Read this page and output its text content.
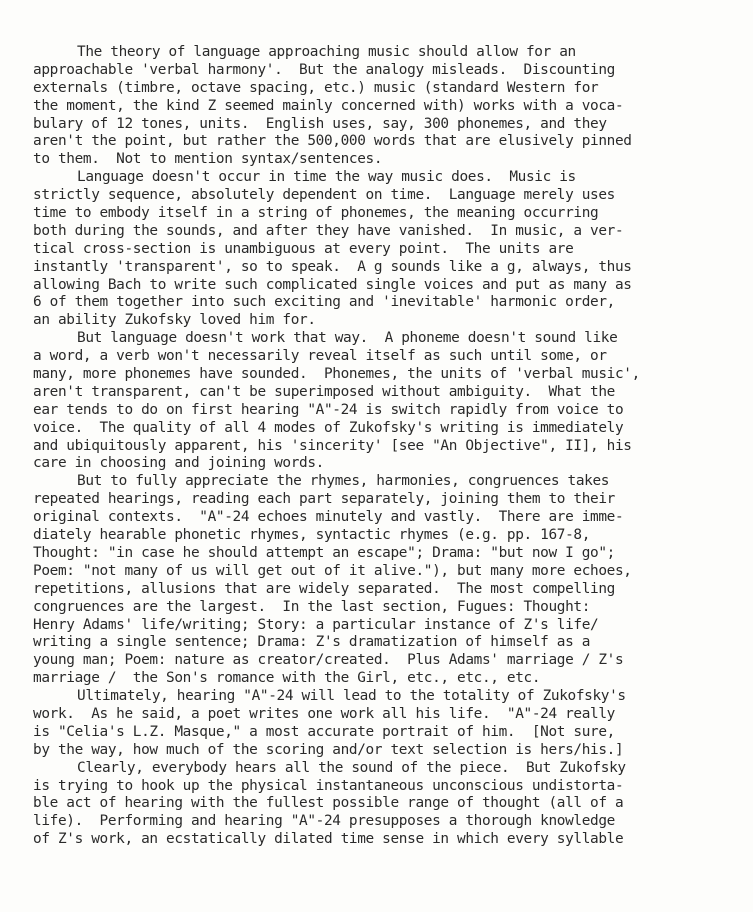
The theory of language approaching music should allow for an
approachable 'verbal harmony'.  But the analogy misleads.  Discounting
externals (timbre, octave spacing, etc.) music (standard Western for
the moment, the kind Z seemed mainly concerned with) works with a voca-
bulary of 12 tones, units.  English uses, say, 300 phonemes, and they
aren't the point, but rather the 500,000 words that are elusively pinned
to them.  Not to mention syntax/sentences.
Language doesn't occur in time the way music does.  Music is
strictly sequence, absolutely dependent on time.  Language merely uses
time to embody itself in a string of phonemes, the meaning occurring
both during the sounds, and after they have vanished.  In music, a ver-
tical cross-section is unambiguous at every point.  The units are
instantly 'transparent', so to speak.  A g sounds like a g, always, thus
allowing Bach to write such complicated single voices and put as many as
6 of them together into such exciting and 'inevitable' harmonic order,
an ability Zukofsky loved him for.
But language doesn't work that way.  A phoneme doesn't sound like
a word, a verb won't necessarily reveal itself as such until some, or
many, more phonemes have sounded.  Phonemes, the units of 'verbal music',
aren't transparent, can't be superimposed without ambiguity.  What the
ear tends to do on first hearing "A"-24 is switch rapidly from voice to
voice.  The quality of all 4 modes of Zukofsky's writing is immediately
and ubiquitously apparent, his 'sincerity' [see "An Objective", II], his
care in choosing and joining words.
But to fully appreciate the rhymes, harmonies, congruences takes
repeated hearings, reading each part separately, joining them to their
original contexts.  "A"-24 echoes minutely and vastly.  There are imme-
diately hearable phonetic rhymes, syntactic rhymes (e.g. pp. 167-8,
Thought: "in case he should attempt an escape"; Drama: "but now I go";
Poem: "not many of us will get out of it alive."), but many more echoes,
repetitions, allusions that are widely separated.  The most compelling
congruences are the largest.  In the last section, Fugues: Thought:
Henry Adams' life/writing; Story: a particular instance of Z's life/
writing a single sentence; Drama: Z's dramatization of himself as a
young man; Poem: nature as creator/created.  Plus Adams' marriage / Z's
marriage /  the Son's romance with the Girl, etc., etc., etc.
Ultimately, hearing "A"-24 will lead to the totality of Zukofsky's
work.  As he said, a poet writes one work all his life.  "A"-24 really
is "Celia's L.Z. Masque," a most accurate portrait of him.  [Not sure,
by the way, how much of the scoring and/or text selection is hers/his.]
Clearly, everybody hears all the sound of the piece.  But Zukofsky
is trying to hook up the physical instantaneous unconscious undistorta-
ble act of hearing with the fullest possible range of thought (all of a
life).  Performing and hearing "A"-24 presupposes a thorough knowledge
of Z's work, an ecstatically dilated time sense in which every syllable
